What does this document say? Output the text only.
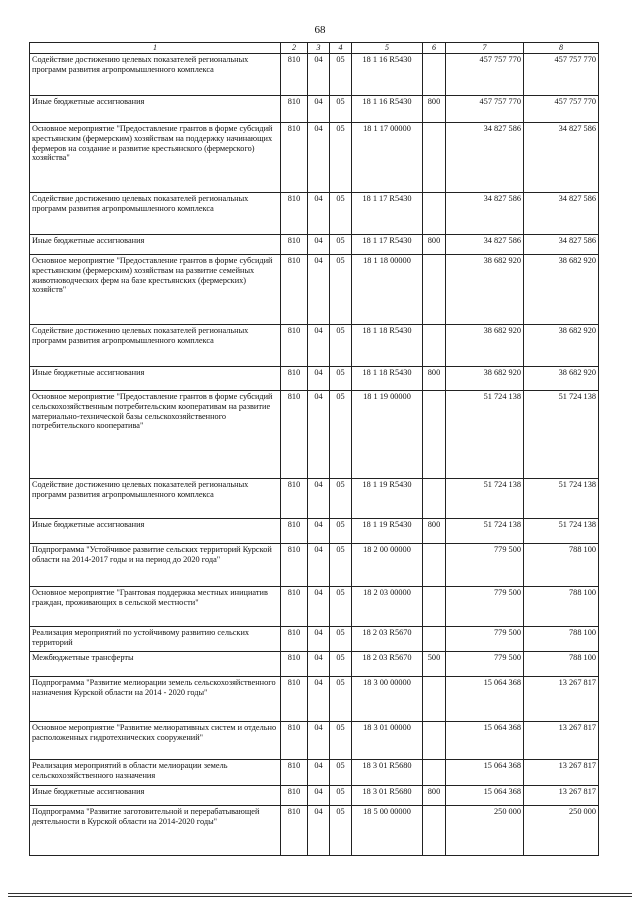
68
1	2	3	4	5	6	7	8
Содействие достижению целевых показателей региональных программ развития агропромышленного комплекса	810	04	05	18 1 16 R5430		457 757 770	457 757 770
Иные бюджетные ассигнования	810	04	05	18 1 16 R5430	800	457 757 770	457 757 770
Основное мероприятие "Предоставление грантов в форме субсидий крестьянским (фермерским) хозяйствам на поддержку начинающих фермеров на создание и развитие крестьянского (фермерского) хозяйства"	810	04	05	18 1 17 00000		34 827 586	34 827 586
Содействие достижению целевых показателей региональных программ развития агропромышленного комплекса	810	04	05	18 1 17 R5430		34 827 586	34 827 586
Иные бюджетные ассигнования	810	04	05	18 1 17 R5430	800	34 827 586	34 827 586
Основное мероприятие "Предоставление грантов в форме субсидий крестьянским (фермерским) хозяйствам на развитие семейных животноводческих ферм на базе крестьянских (фермерских) хозяйств"	810	04	05	18 1 18 00000		38 682 920	38 682 920
Содействие достижению целевых показателей региональных программ развития агропромышленного комплекса	810	04	05	18 1 18 R5430		38 682 920	38 682 920
Иные бюджетные ассигнования	810	04	05	18 1 18 R5430	800	38 682 920	38 682 920
Основное мероприятие "Предоставление грантов в форме субсидий сельскохозяйственным потребительским кооперативам на развитие материально-технической базы сельскохозяйственного потребительского кооператива"	810	04	05	18 1 19 00000		51 724 138	51 724 138
Содействие достижению целевых показателей региональных программ развития агропромышленного комплекса	810	04	05	18 1 19 R5430		51 724 138	51 724 138
Иные бюджетные ассигнования	810	04	05	18 1 19 R5430	800	51 724 138	51 724 138
Подпрограмма "Устойчивое развитие сельских территорий Курской области на 2014-2017 годы и на период до 2020 года"	810	04	05	18 2 00 00000		779 500	788 100
Основное мероприятие "Грантовая поддержка местных инициатив граждан, проживающих в сельской местности"	810	04	05	18 2 03 00000		779 500	788 100
Реализация мероприятий по устойчивому развитию сельских территорий	810	04	05	18 2 03 R5670		779 500	788 100
Межбюджетные трансферты	810	04	05	18 2 03 R5670	500	779 500	788 100
Подпрограмма "Развитие мелиорации земель сельскохозяйственного назначения Курской области на 2014 - 2020 годы"	810	04	05	18 3 00 00000		15 064 368	13 267 817
Основное мероприятие "Развитие мелиоративных систем и отдельно расположенных гидротехнических сооружений"	810	04	05	18 3 01 00000		15 064 368	13 267 817
Реализация мероприятий в области мелиорации земель сельскохозяйственного назначения	810	04	05	18 3 01 R5680		15 064 368	13 267 817
Иные бюджетные ассигнования	810	04	05	18 3 01 R5680	800	15 064 368	13 267 817
Подпрограмма "Развитие заготовительной и перерабатывающей деятельности в Курской области на 2014-2020 годы"	810	04	05	18 5 00 00000		250 000	250 000
